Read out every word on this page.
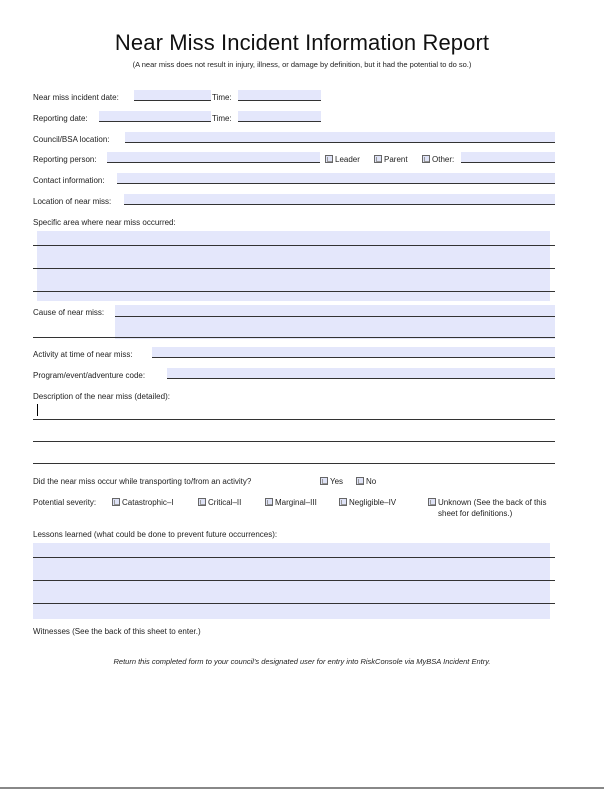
Near Miss Incident Information Report
(A near miss does not result in injury, illness, or damage by definition, but it had the potential to do so.)
Near miss incident date:	Time:
Reporting date:	Time:
Council/BSA location:
Reporting person:	Leader	Parent	Other:
Contact information:
Location of near miss:
Specific area where near miss occurred:
Cause of near miss:
Activity at time of near miss:
Program/event/adventure code:
Description of the near miss (detailed):
Did the near miss occur while transporting to/from an activity?	Yes	No
Potential severity:	Catastrophic–I	Critical–II	Marginal–III	Negligible–IV	Unknown (See the back of this
sheet for definitions.)
Lessons learned (what could be done to prevent future occurrences):
Witnesses (See the back of this sheet to enter.)
Return this completed form to your council's designated user for entry into RiskConsole via MyBSA Incident Entry.
